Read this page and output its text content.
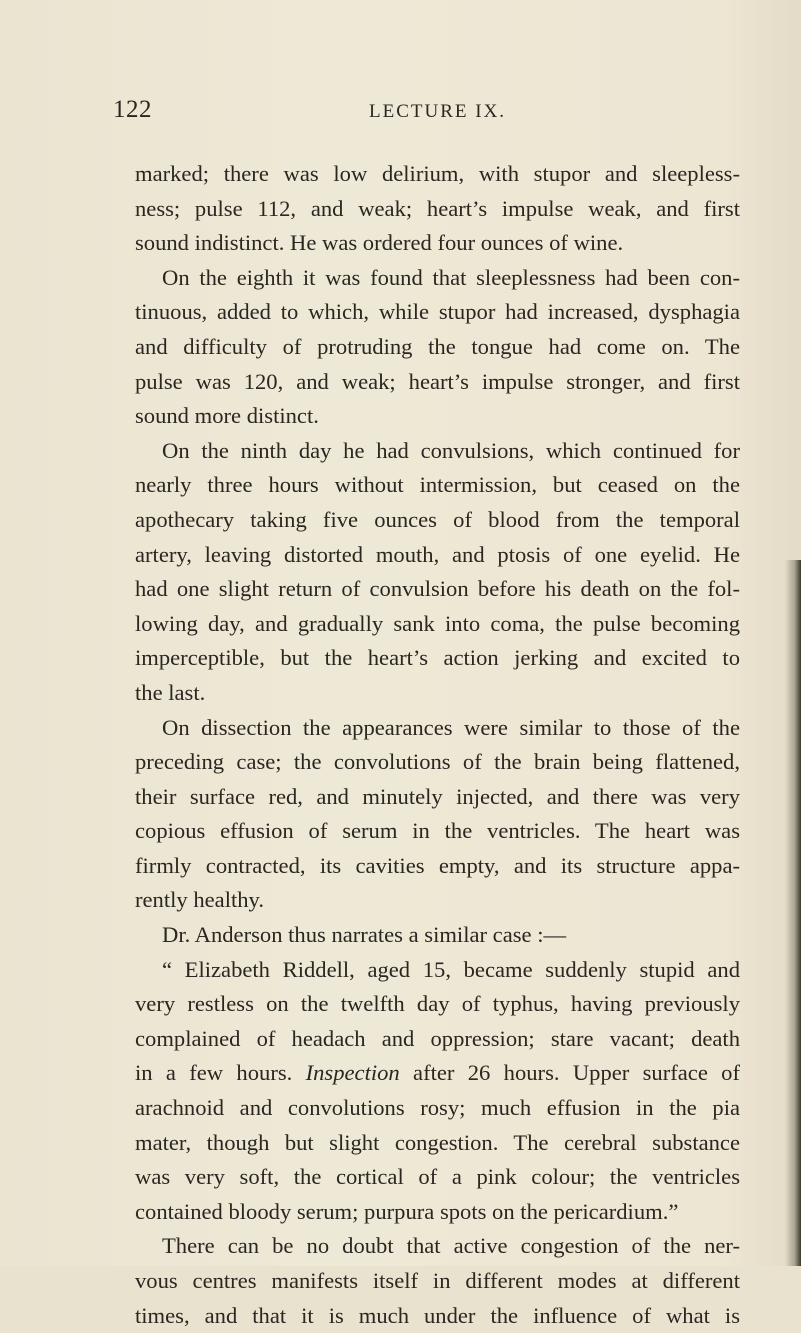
122	LECTURE IX.
marked; there was low delirium, with stupor and sleepless-
ness; pulse 112, and weak; heart’s impulse weak, and first
sound indistinct. He was ordered four ounces of wine.
On the eighth it was found that sleeplessness had been con-
tinuous, added to which, while stupor had increased, dysphagia
and difficulty of protruding the tongue had come on. The
pulse was 120, and weak; heart’s impulse stronger, and first
sound more distinct.
On the ninth day he had convulsions, which continued for
nearly three hours without intermission, but ceased on the
apothecary taking five ounces of blood from the temporal
artery, leaving distorted mouth, and ptosis of one eyelid. He
had one slight return of convulsion before his death on the fol-
lowing day, and gradually sank into coma, the pulse becoming
imperceptible, but the heart’s action jerking and excited to
the last.
On dissection the appearances were similar to those of the
preceding case; the convolutions of the brain being flattened,
their surface red, and minutely injected, and there was very
copious effusion of serum in the ventricles. The heart was
firmly contracted, its cavities empty, and its structure appa-
rently healthy.
Dr. Anderson thus narrates a similar case :—
“ Elizabeth Riddell, aged 15, became suddenly stupid and
very restless on the twelfth day of typhus, having previously
complained of headach and oppression; stare vacant; death
in a few hours. Inspection after 26 hours. Upper surface of
arachnoid and convolutions rosy; much effusion in the pia
mater, though but slight congestion. The cerebral substance
was very soft, the cortical of a pink colour; the ventricles
contained bloody serum; purpura spots on the pericardium.”
There can be no doubt that active congestion of the ner-
vous centres manifests itself in different modes at different
times, and that it is much under the influence of what is
